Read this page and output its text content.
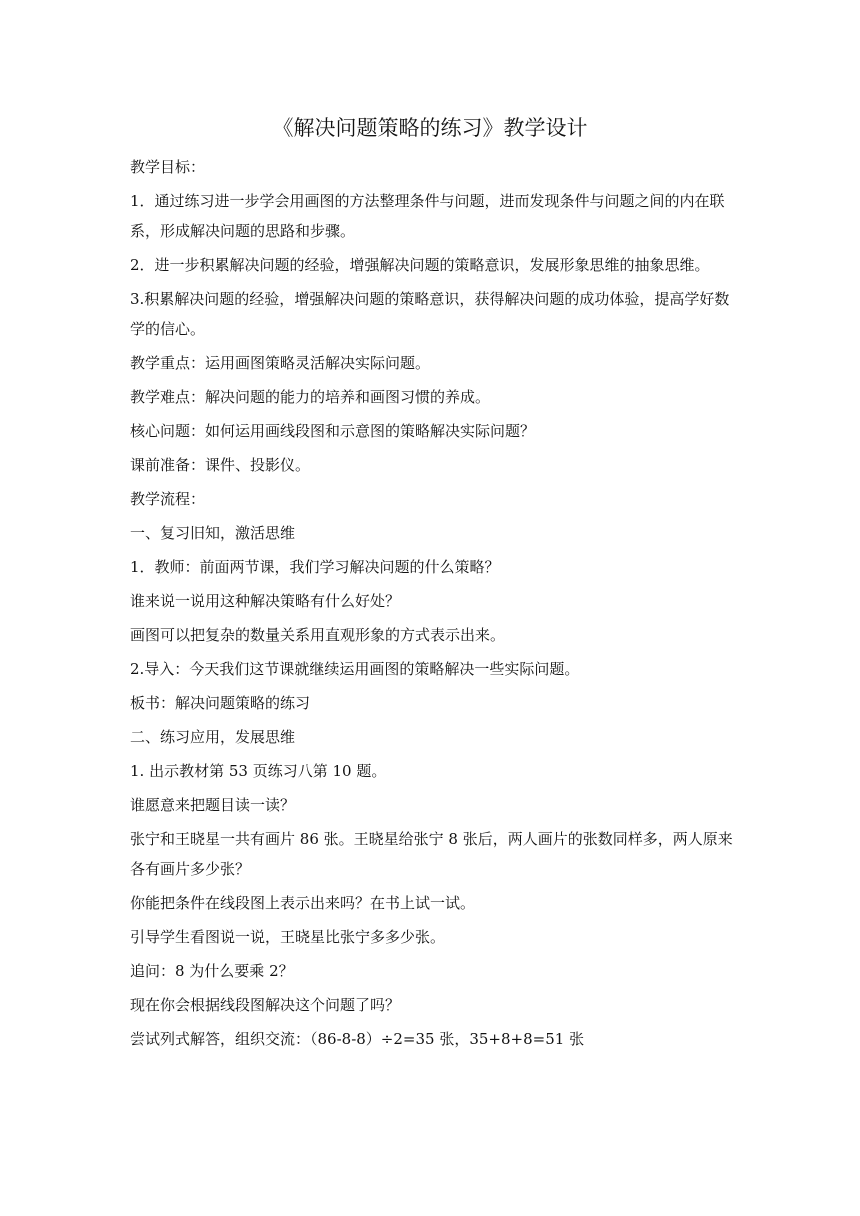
《解决问题策略的练习》教学设计

教学目标：

1．通过练习进一步学会用画图的方法整理条件与问题，进而发现条件与问题之间的内在联系，形成解决问题的思路和步骤。

2．进一步积累解决问题的经验，增强解决问题的策略意识，发展形象思维的抽象思维。

3.积累解决问题的经验，增强解决问题的策略意识，获得解决问题的成功体验，提高学好数学的信心。

教学重点：运用画图策略灵活解决实际问题。

教学难点：解决问题的能力的培养和画图习惯的养成。

核心问题：如何运用画线段图和示意图的策略解决实际问题？

课前准备：课件、投影仪。

教学流程：

一、复习旧知，激活思维

1．教师：前面两节课，我们学习解决问题的什么策略？

谁来说一说用这种解决策略有什么好处？

画图可以把复杂的数量关系用直观形象的方式表示出来。

2.导入：今天我们这节课就继续运用画图的策略解决一些实际问题。

板书：解决问题策略的练习

二、练习应用，发展思维

1. 出示教材第 53 页练习八第 10 题。

谁愿意来把题目读一读？

张宁和王晓星一共有画片 86 张。王晓星给张宁 8 张后，两人画片的张数同样多，两人原来各有画片多少张？

你能把条件在线段图上表示出来吗？在书上试一试。

引导学生看图说一说，王晓星比张宁多多少张。

追问：8 为什么要乘 2？

现在你会根据线段图解决这个问题了吗？

尝试列式解答，组织交流：（86-8-8）÷2=35 张，35+8+8=51 张
